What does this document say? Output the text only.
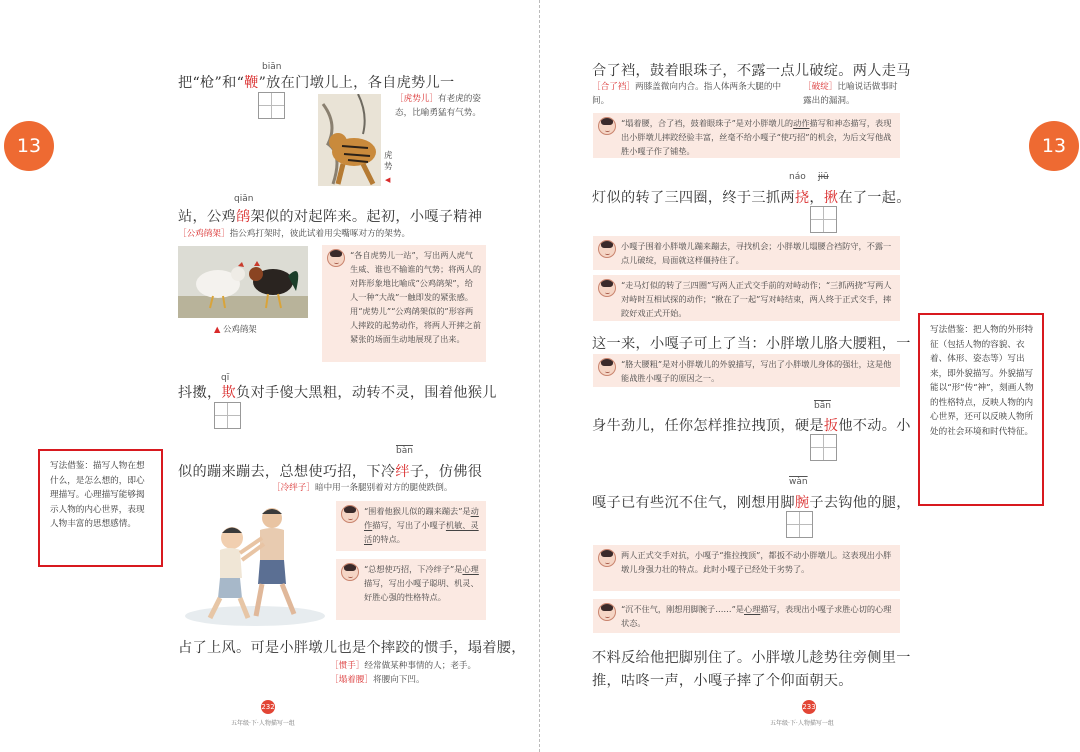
13
biān
把“枪”和“鞭”放在门墩儿上，各自虎势儿一
虎势
◀
［虎势儿］有老虎的姿态，比喻勇猛有气势。
qiān
站，公鸡鹐架似的对起阵来。起初，小嘎子精神
［公鸡鹐架］指公鸡打架时，彼此试着用尖嘴啄对方的架势。
▲ 公鸡鹐架
“各自虎势儿一站”，写出两人虎气生威、谁也不输谁的气势；将两人的对阵形象地比喻成“公鸡鹐架”，给人一种“大战”一触即发的紧张感。用“虎势儿”“公鸡鹐架似的”形容两人摔跤的起势动作，将两人开摔之前紧张的场面生动地展现了出来。
qī
抖擞，欺负对手傻大黑粗，动转不灵，围着他猴儿
$\overline{bàn}$
似的蹦来蹦去，总想使巧招，下冷绊子，仿佛很
［冷绊子］暗中用一条腿别着对方的腿使跌倒。
“围着他猴儿似的蹦来蹦去”是动作描写，写出了小嘎子机敏、灵活的特点。
“总想使巧招，下冷绊子”是心理描写，写出小嘎子聪明、机灵、好胜心强的性格特点。
占了上风。可是小胖墩儿也是个摔跤的惯手，塌着腰，
［惯手］经常做某种事情的人；老手。 ［塌着腰］将腰向下凹。
写法借鉴：描写人物在想什么，是怎么想的，即心理描写。心理描写能够揭示人物的内心世界，表现人物丰富的思想感情。
232
五年级·下·人物描写一组
13
合了裆，鼓着眼珠子，不露一点儿破绽。两人走马
［合了裆］两膝盖微向内合。指人体两条大腿的中间。
［破绽］比喻说话做事时露出的漏洞。
“塌着腰，合了裆，鼓着眼珠子”是对小胖墩儿的动作描写和神态描写，表现出小胖墩儿摔跤经验丰富，丝毫不给小嘎子“使巧招”的机会，为后文写他战胜小嘎子作了铺垫。
náo jiū
灯似的转了三四圈，终于三抓两挠，揪在了一起。
小嘎子围着小胖墩儿蹦来蹦去，寻找机会；小胖墩儿塌腰合裆防守，不露一点儿破绽，局面就这样僵持住了。
“走马灯似的转了三四圈”写两人正式交手前的对峙动作；“三抓两挠”写两人对峙时互相试探的动作；“揪在了一起”写对峙结束，两人终于正式交手，摔跤好戏正式开始。
这一来，小嘎子可上了当：小胖墩儿胳大腰粗，一
“胳大腰粗”是对小胖墩儿的外貌描写，写出了小胖墩儿身体的强壮，这是他能战胜小嘎子的原因之一。
$\overline{bān}$
身牛劲儿，任你怎样推拉拽顶，硬是扳他不动。小
$\overline{wàn}$
嘎子已有些沉不住气，刚想用脚腕子去钩他的腿，
两人正式交手对抗，小嘎子“推拉拽顶”，都扳不动小胖墩儿。这表现出小胖墩儿身强力壮的特点。此时小嘎子已经处于劣势了。
“沉不住气，刚想用脚腕子……”是心理描写，表现出小嘎子求胜心切的心理状态。
不料反给他把脚别住了。小胖墩儿趁势往旁侧里一
推，咕咚一声，小嘎子摔了个仰面朝天。
写法借鉴：把人物的外形特征（包括人物的容貌、衣着、体形、姿态等）写出来，即外貌描写。外貌描写能以“形”传“神”，刻画人物的性格特点，反映人物的内心世界，还可以反映人物所处的社会环境和时代特征。
233
五年级·下·人物描写一组
